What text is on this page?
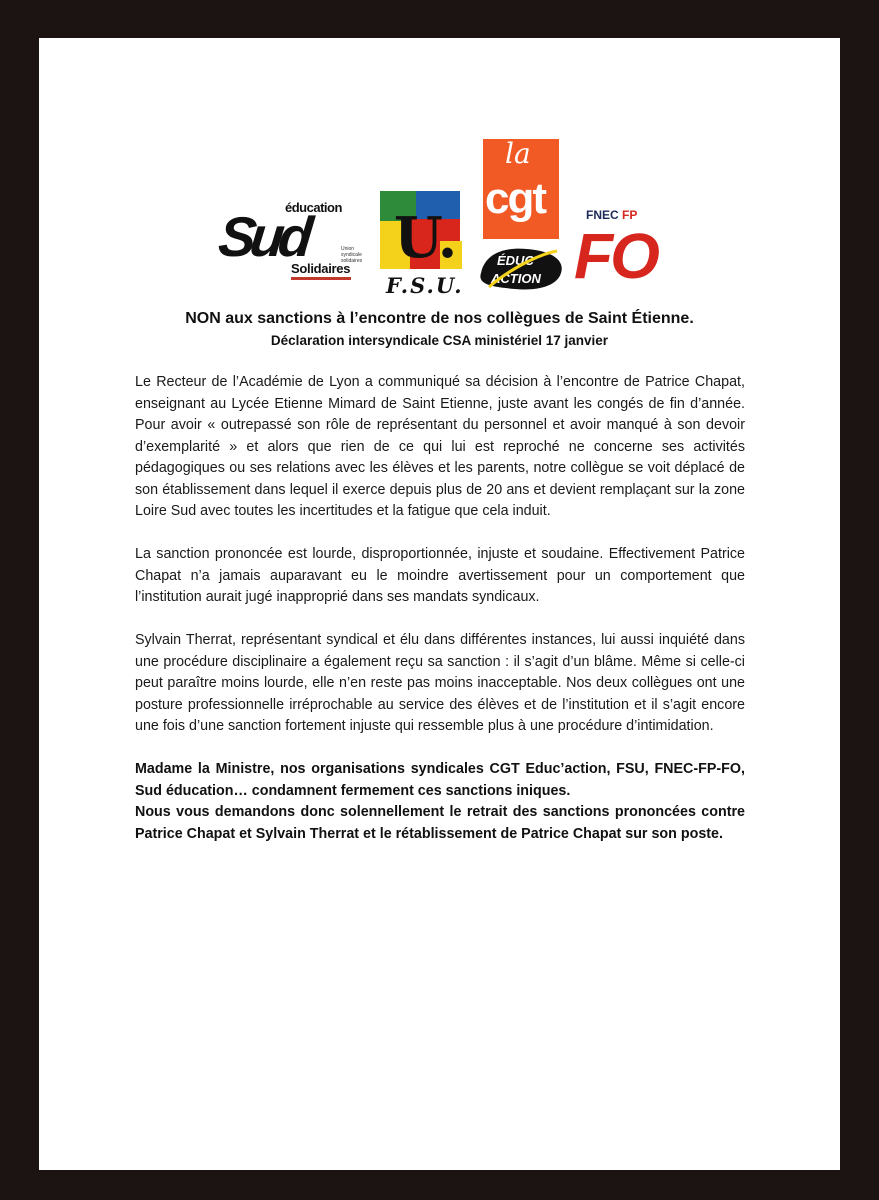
éducation
Sud	Union syndicale solidaires
Solidaires U.
F.S.U.
la
cgt
ÉDUC'
ACTION
FNEC FP
FO
NON aux sanctions à l’encontre de nos collègues de Saint Étienne.
Déclaration intersyndicale CSA ministériel 17 janvier

Le Recteur de l’Académie de Lyon a communiqué sa décision à l’encontre de Patrice Chapat, enseignant au Lycée Etienne Mimard de Saint Etienne, juste avant les congés de fin d’année. Pour avoir « outrepassé son rôle de représentant du personnel et avoir manqué à son devoir d’exemplarité » et alors que rien de ce qui lui est reproché ne concerne ses activités pédagogiques ou ses relations avec les élèves et les parents, notre collègue se voit déplacé de son établissement dans lequel il exerce depuis plus de 20 ans et devient remplaçant sur la zone Loire Sud avec toutes les incertitudes et la fatigue que cela induit.

La sanction prononcée est lourde, disproportionnée, injuste et soudaine. Effectivement Patrice Chapat n’a jamais auparavant eu le moindre avertissement pour un comportement que l’institution aurait jugé inapproprié dans ses mandats syndicaux.

Sylvain Therrat, représentant syndical et élu dans différentes instances, lui aussi inquiété dans une procédure disciplinaire a également reçu sa sanction : il s’agit d’un blâme. Même si celle-ci peut paraître moins lourde, elle n’en reste pas moins inacceptable. Nos deux collègues ont une posture professionnelle irréprochable au service des élèves et de l’institution et il s’agit encore une fois d’une sanction fortement injuste qui ressemble plus à une procédure d’intimidation.

Madame la Ministre, nos organisations syndicales CGT Educ’action, FSU, FNEC-FP-FO, Sud éducation… condamnent fermement ces sanctions iniques.
Nous vous demandons donc solennellement le retrait des sanctions prononcées contre Patrice Chapat et Sylvain Therrat et le rétablissement de Patrice Chapat sur son poste.
